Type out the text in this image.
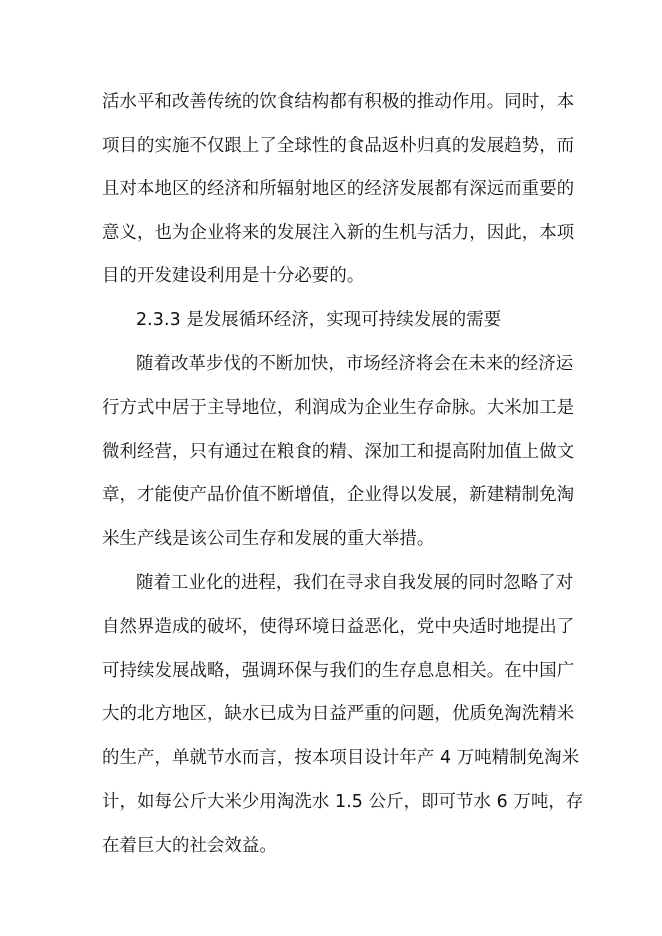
活水平和改善传统的饮食结构都有积极的推动作用。同时，本
项目的实施不仅跟上了全球性的食品返朴归真的发展趋势，而
且对本地区的经济和所辐射地区的经济发展都有深远而重要的
意义，也为企业将来的发展注入新的生机与活力，因此，本项
目的开发建设利用是十分必要的。
2.3.3 是发展循环经济，实现可持续发展的需要
随着改革步伐的不断加快，市场经济将会在未来的经济运
行方式中居于主导地位，利润成为企业生存命脉。大米加工是
微利经营，只有通过在粮食的精、深加工和提高附加值上做文
章，才能使产品价值不断增值，企业得以发展，新建精制免淘
米生产线是该公司生存和发展的重大举措。
随着工业化的进程，我们在寻求自我发展的同时忽略了对
自然界造成的破坏，使得环境日益恶化，党中央适时地提出了
可持续发展战略，强调环保与我们的生存息息相关。在中国广
大的北方地区，缺水已成为日益严重的问题，优质免淘洗精米
的生产，单就节水而言，按本项目设计年产 4 万吨精制免淘米
计，如每公斤大米少用淘洗水 1.5 公斤，即可节水 6 万吨，存
在着巨大的社会效益。
